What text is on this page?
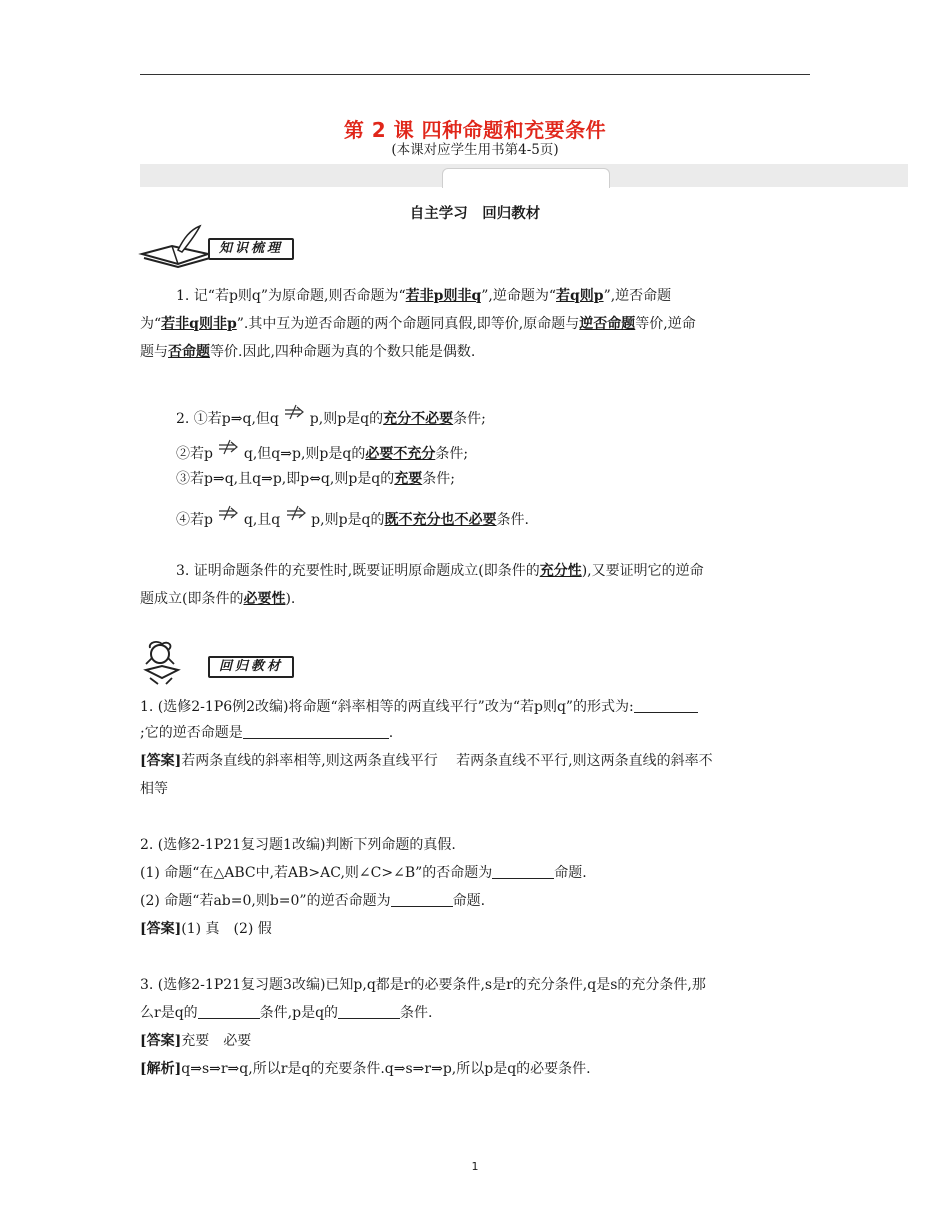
第 2 课 四种命题和充要条件
(本课对应学生用书第4-5页)
自主学习　回归教材
知识梳理
1. 记“若p则q”为原命题,则否命题为“若非p则非q”,逆命题为“若q则p”,逆否命题
为“若非q则非p”.其中互为逆否命题的两个命题同真假,即等价,原命题与逆否命题等价,逆命
题与否命题等价.因此,四种命题为真的个数只能是偶数.
2. ①若p⇒q,但q p,则p是q的充分不必要条件;
②若p q,但q⇒p,则p是q的必要不充分条件;
③若p⇒q,且q⇒p,即p⇔q,则p是q的充要条件;
④若p q,且q p,则p是q的既不充分也不必要条件.
3. 证明命题条件的充要性时,既要证明原命题成立(即条件的充分性),又要证明它的逆命
题成立(即条件的必要性).
回归教材
1. (选修2-1P6例2改编)将命题“斜率相等的两直线平行”改为“若p则q”的形式为:
;它的逆否命题是	.
[答案]若两条直线的斜率相等,则这两条直线平行　 若两条直线不平行,则这两条直线的斜率不
相等
2. (选修2-1P21复习题1改编)判断下列命题的真假.
(1) 命题“在△ABC中,若AB>AC,则∠C>∠B”的否命题为	命题.
(2) 命题“若ab=0,则b=0”的逆否命题为	命题.
[答案](1) 真　(2) 假
3. (选修2-1P21复习题3改编)已知p,q都是r的必要条件,s是r的充分条件,q是s的充分条件,那
么r是q的	条件,p是q的	条件.
[答案]充要　必要
[解析]q⇒s⇒r⇒q,所以r是q的充要条件.q⇒s⇒r⇒p,所以p是q的必要条件.
1
